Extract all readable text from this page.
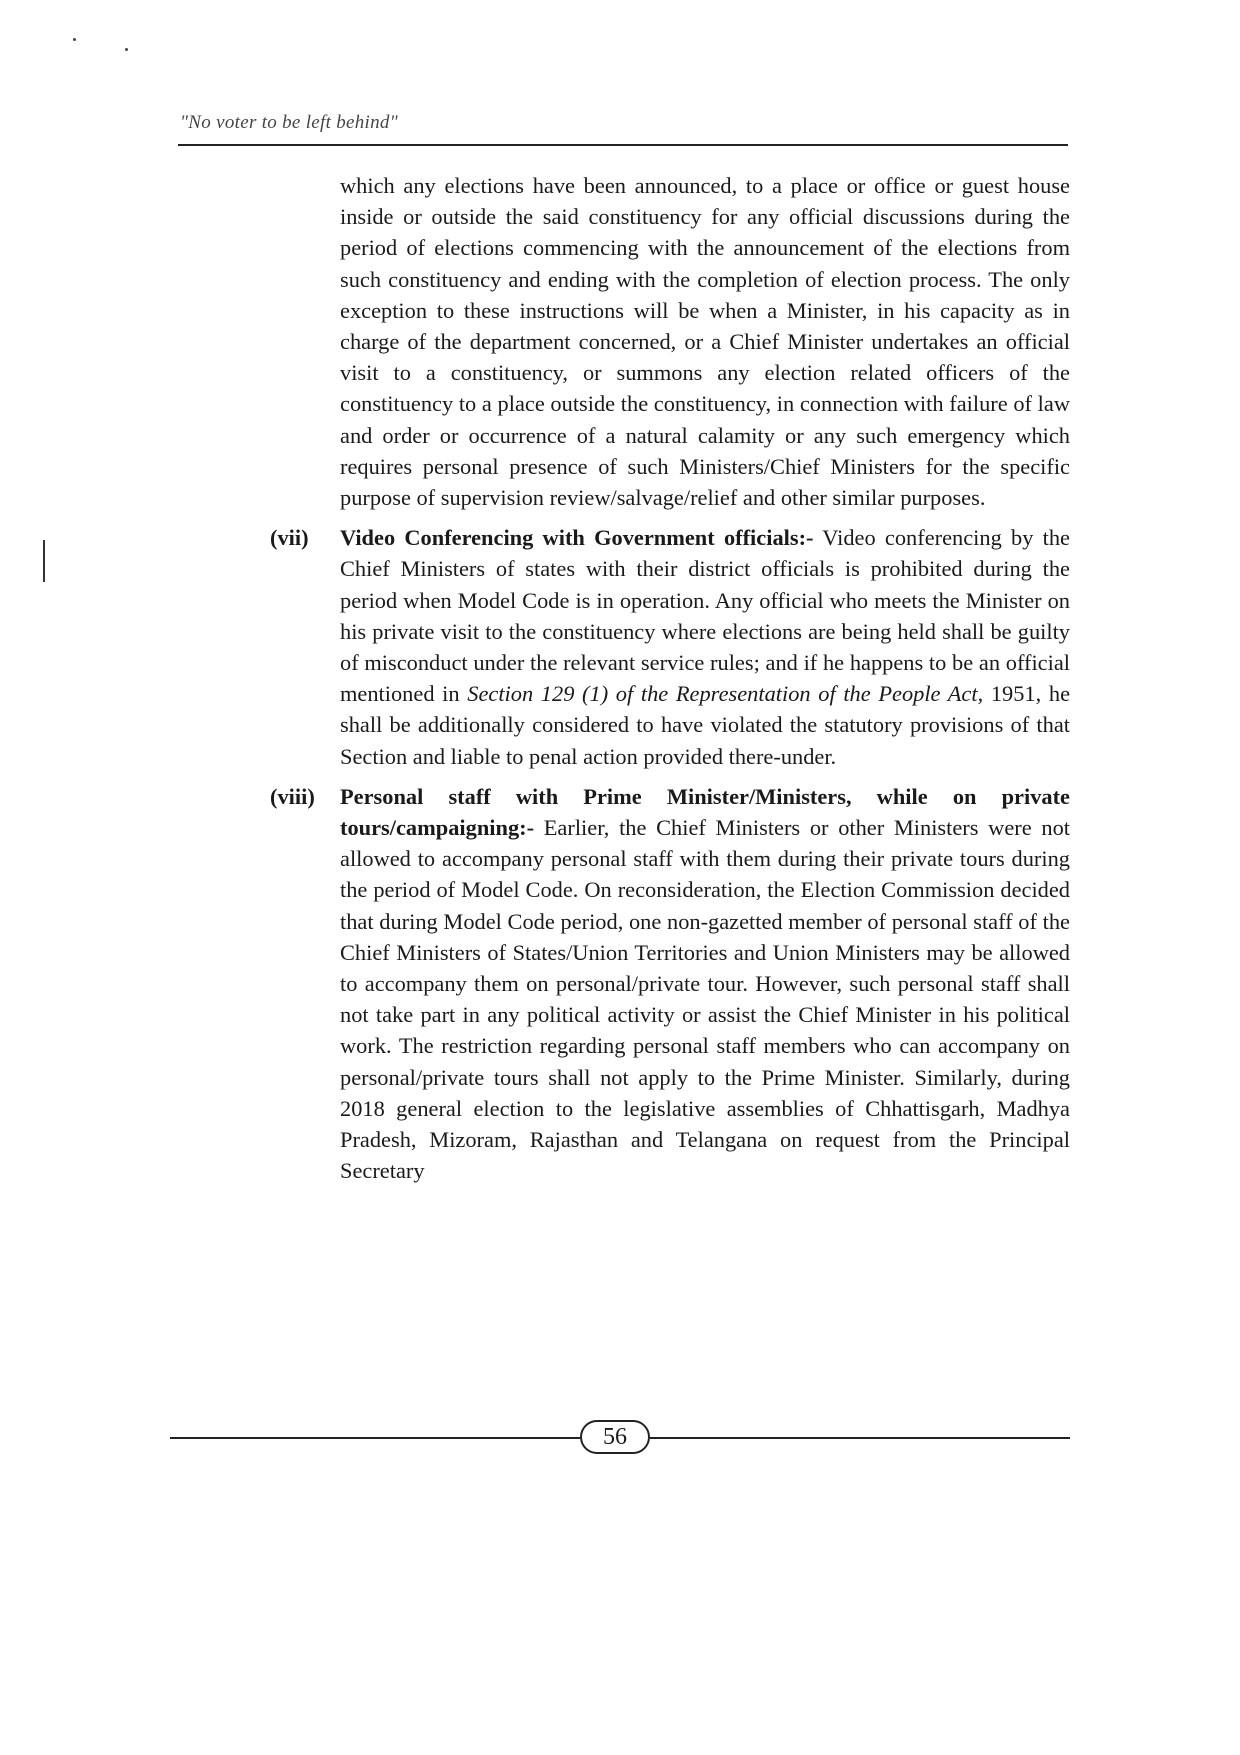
"No voter to be left behind"

which any elections have been announced, to a place or office or guest house inside or outside the said constituency for any official discussions during the period of elections commencing with the announcement of the elections from such constituency and ending with the completion of election process. The only exception to these instructions will be when a Minister, in his capacity as in charge of the department concerned, or a Chief Minister undertakes an official visit to a constituency, or summons any election related officers of the constituency to a place outside the constituency, in connection with failure of law and order or occurrence of a natural calamity or any such emergency which requires personal presence of such Ministers/Chief Ministers for the specific purpose of supervision review/salvage/relief and other similar purposes.

(vii)	Video Conferencing with Government officials:- Video conferencing by the Chief Ministers of states with their district officials is prohibited during the period when Model Code is in operation. Any official who meets the Minister on his private visit to the constituency where elections are being held shall be guilty of misconduct under the relevant service rules; and if he happens to be an official mentioned in Section 129 (1) of the Representation of the People Act, 1951, he shall be additionally considered to have violated the statutory provisions of that Section and liable to penal action provided there-under.

(viii)	Personal staff with Prime Minister/Ministers, while on private tours/campaigning:- Earlier, the Chief Ministers or other Ministers were not allowed to accompany personal staff with them during their private tours during the period of Model Code. On reconsideration, the Election Commission decided that during Model Code period, one non-gazetted member of personal staff of the Chief Ministers of States/Union Territories and Union Ministers may be allowed to accompany them on personal/private tour. However, such personal staff shall not take part in any political activity or assist the Chief Minister in his political work. The restriction regarding personal staff members who can accompany on personal/private tours shall not apply to the Prime Minister. Similarly, during 2018 general election to the legislative assemblies of Chhattisgarh, Madhya Pradesh, Mizoram, Rajasthan and Telangana on request from the Principal Secretary

56
